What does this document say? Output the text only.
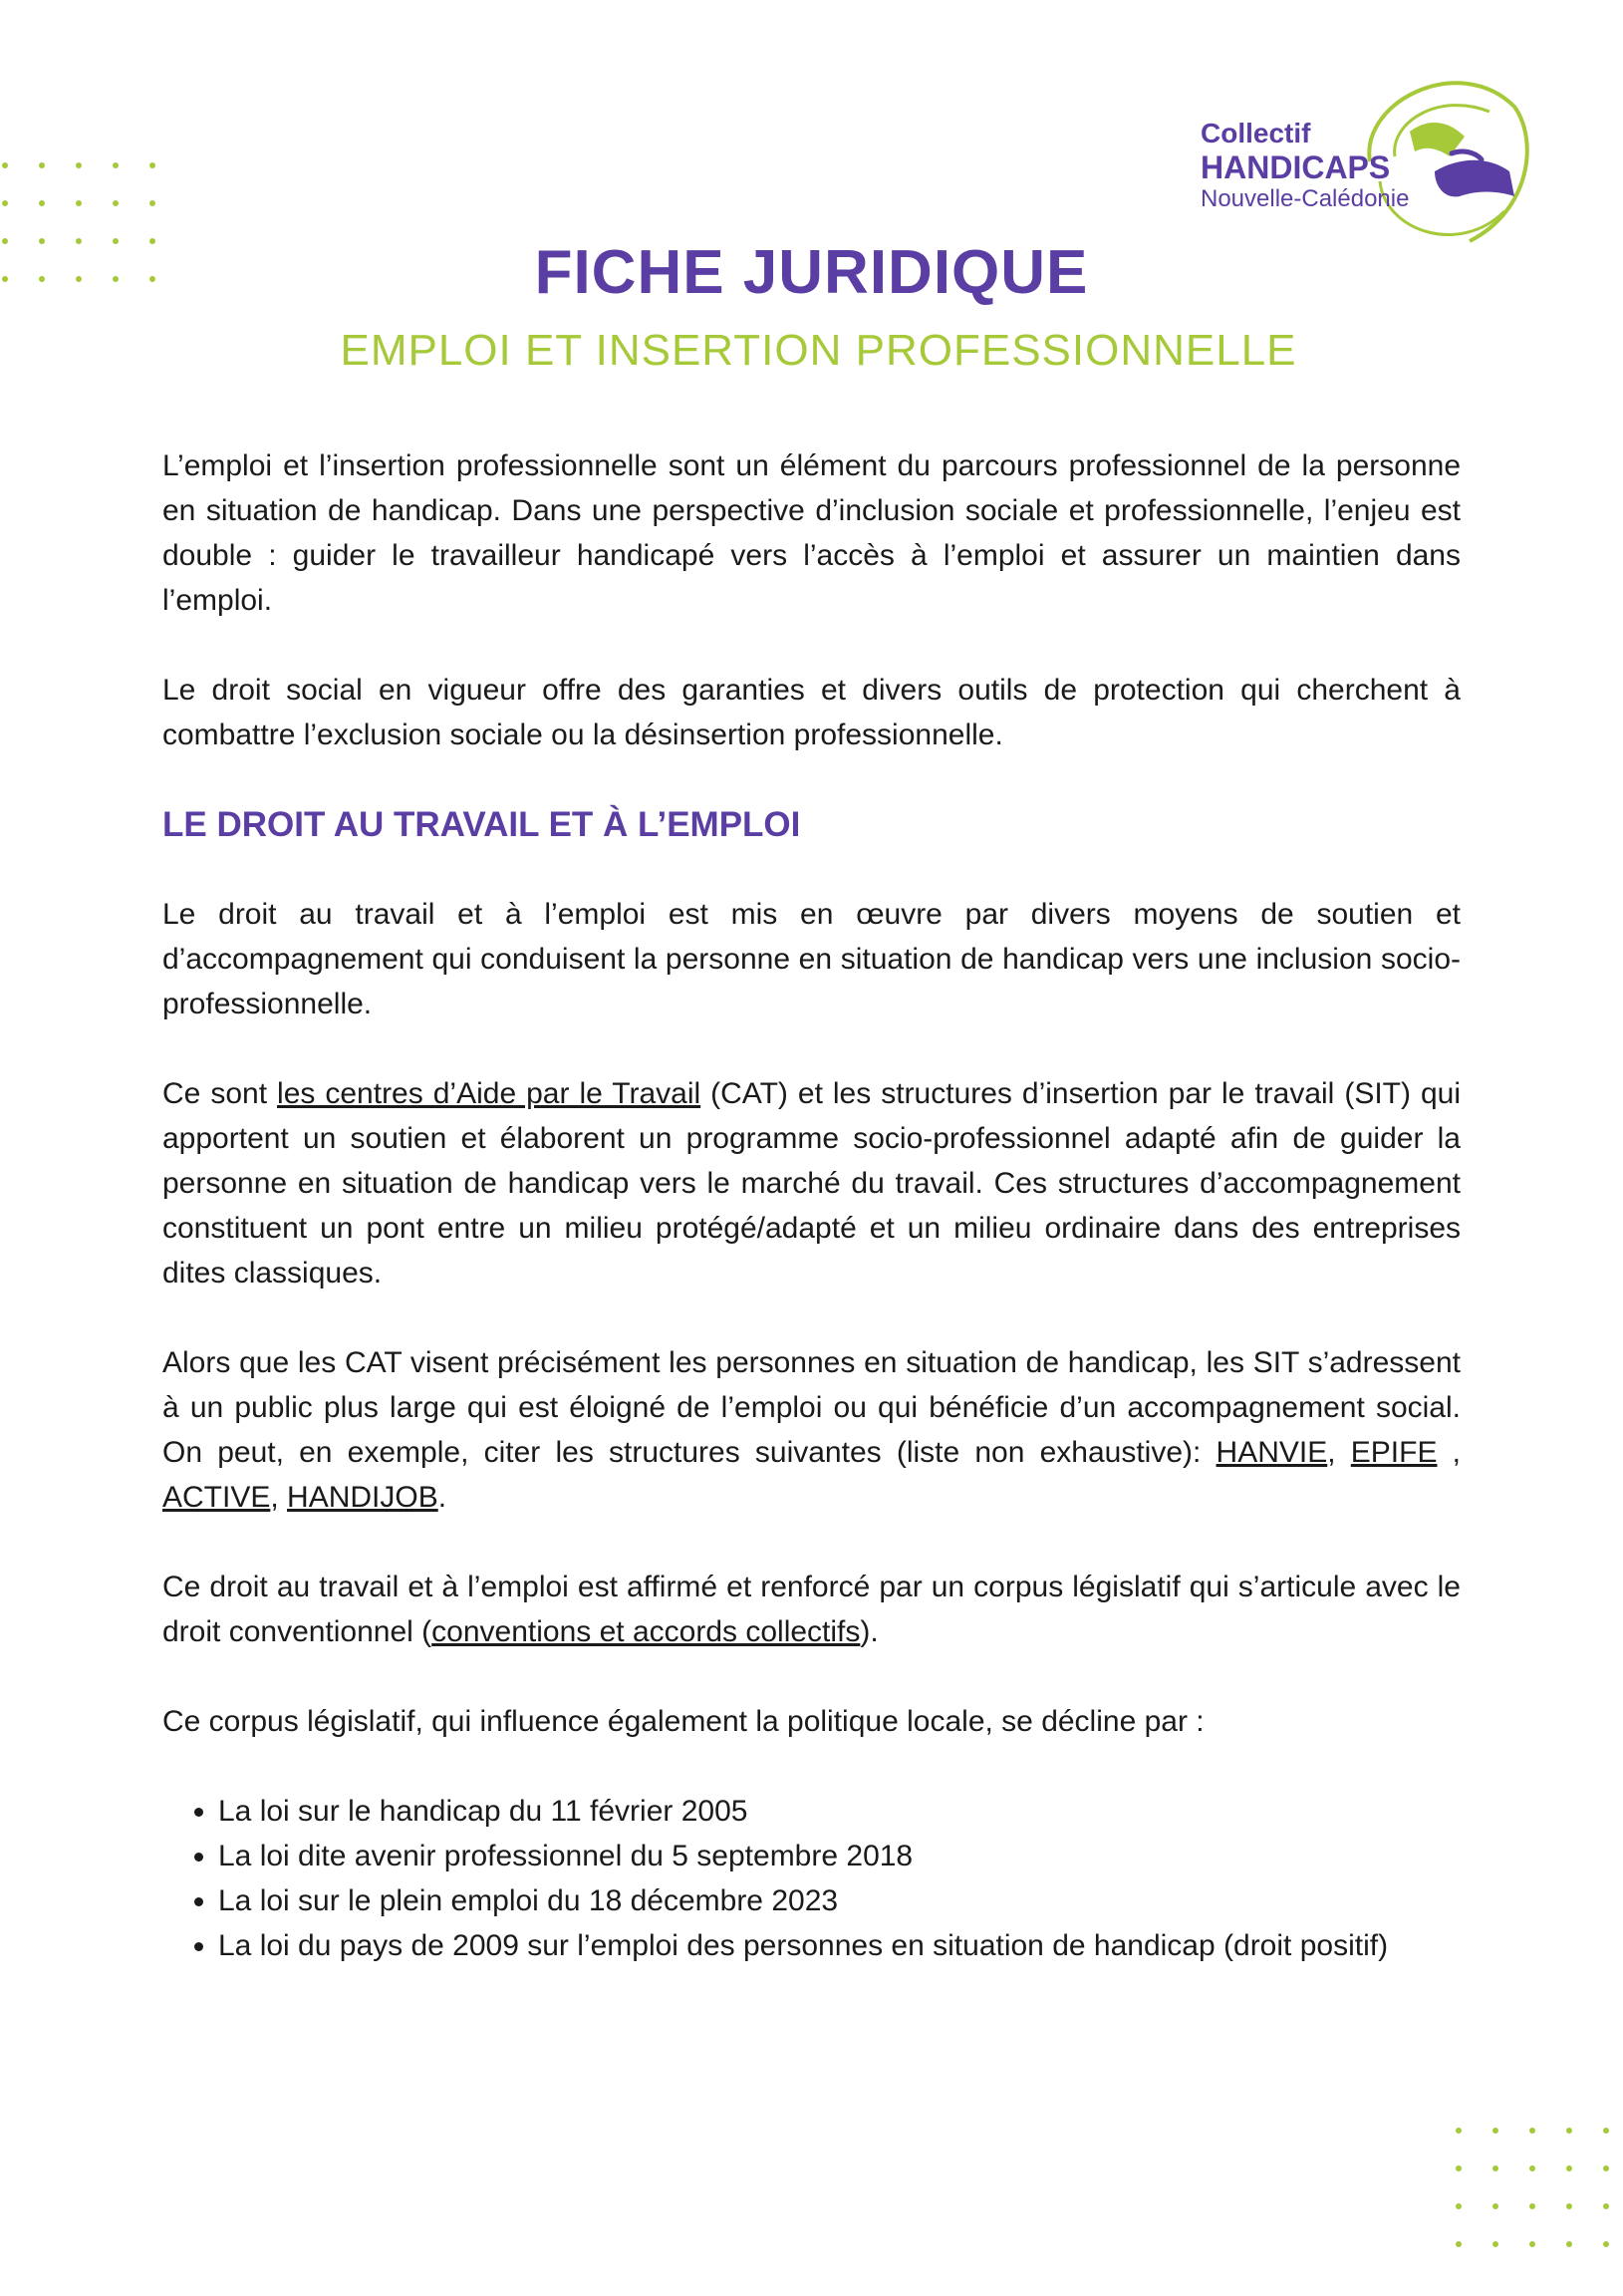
Collectif
HANDICAPS
Nouvelle-Calédonie
FICHE JURIDIQUE
EMPLOI ET INSERTION PROFESSIONNELLE

L’emploi et l’insertion professionnelle sont un élément du parcours professionnel de la personne en situation de handicap. Dans une perspective d’inclusion sociale et professionnelle, l’enjeu est double : guider le travailleur handicapé vers l’accès à l’emploi et assurer un maintien dans l’emploi.

Le droit social en vigueur offre des garanties et divers outils de protection qui cherchent à combattre l’exclusion sociale ou la désinsertion professionnelle.

LE DROIT AU TRAVAIL ET À L’EMPLOI

Le droit au travail et à l’emploi est mis en œuvre par divers moyens de soutien et d’accompagnement qui conduisent la personne en situation de handicap vers une inclusion socio-professionnelle.

Ce sont les centres d’Aide par le Travail (CAT) et les structures d’insertion par le travail (SIT) qui apportent un soutien et élaborent un programme socio-professionnel adapté afin de guider la personne en situation de handicap vers le marché du travail. Ces structures d’accompagnement constituent un pont entre un milieu protégé/adapté et un milieu ordinaire dans des entreprises dites classiques.

Alors que les CAT visent précisément les personnes en situation de handicap, les SIT s’adressent à un public plus large qui est éloigné de l’emploi ou qui bénéficie d’un accompagnement social. On peut, en exemple, citer les structures suivantes (liste non exhaustive): HANVIE, EPIFE , ACTIVE, HANDIJOB.

Ce droit au travail et à l’emploi est affirmé et renforcé par un corpus législatif qui s’articule avec le droit conventionnel (conventions et accords collectifs).

Ce corpus législatif, qui influence également la politique locale, se décline par :

• La loi sur le handicap du 11 février 2005
• La loi dite avenir professionnel du 5 septembre 2018
• La loi sur le plein emploi du 18 décembre 2023
• La loi du pays de 2009 sur l’emploi des personnes en situation de handicap (droit positif)
